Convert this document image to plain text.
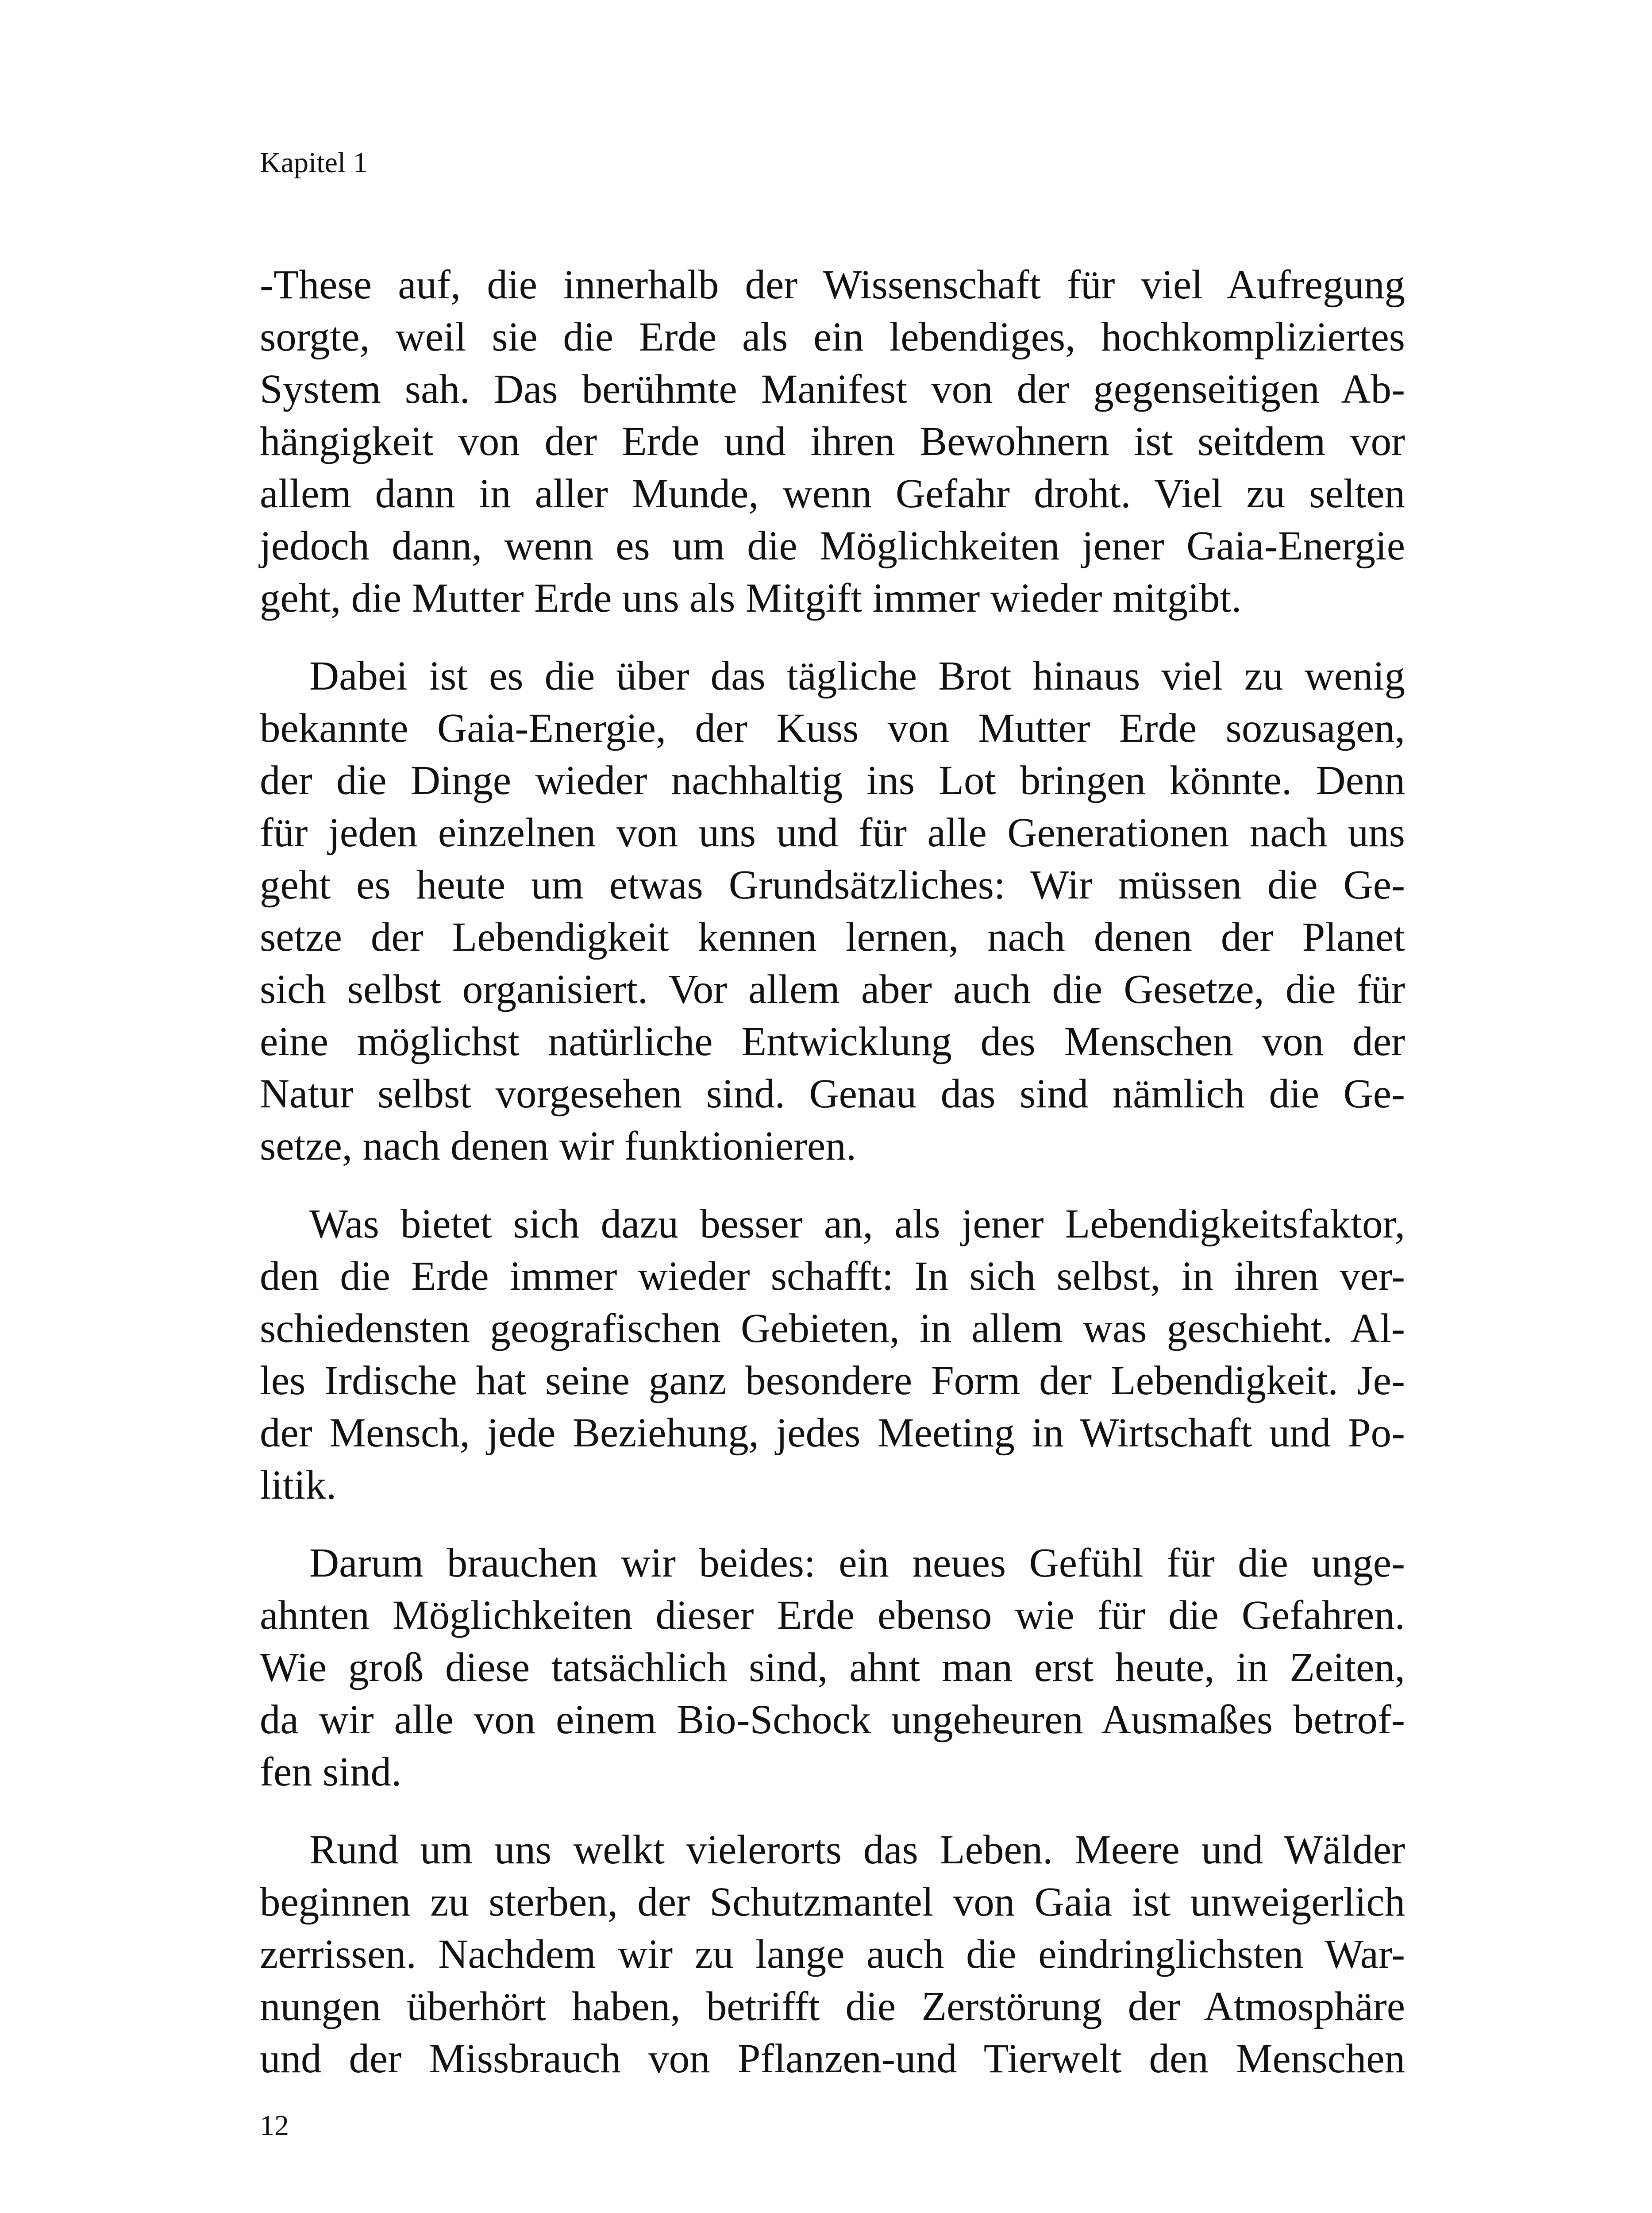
Kapitel 1

-These auf, die innerhalb der Wissenschaft für viel Aufregung
sorgte, weil sie die Erde als ein lebendiges, hochkompliziertes
System sah. Das berühmte Manifest von der gegenseitigen Ab-
hängigkeit von der Erde und ihren Bewohnern ist seitdem vor
allem dann in aller Munde, wenn Gefahr droht. Viel zu selten
jedoch dann, wenn es um die Möglichkeiten jener Gaia-Energie
geht, die Mutter Erde uns als Mitgift immer wieder mitgibt.

Dabei ist es die über das tägliche Brot hinaus viel zu wenig
bekannte Gaia-Energie, der Kuss von Mutter Erde sozusagen,
der die Dinge wieder nachhaltig ins Lot bringen könnte. Denn
für jeden einzelnen von uns und für alle Generationen nach uns
geht es heute um etwas Grundsätzliches: Wir müssen die Ge-
setze der Lebendigkeit kennen lernen, nach denen der Planet
sich selbst organisiert. Vor allem aber auch die Gesetze, die für
eine möglichst natürliche Entwicklung des Menschen von der
Natur selbst vorgesehen sind. Genau das sind nämlich die Ge-
setze, nach denen wir funktionieren.

Was bietet sich dazu besser an, als jener Lebendigkeitsfaktor,
den die Erde immer wieder schafft: In sich selbst, in ihren ver-
schiedensten geografischen Gebieten, in allem was geschieht. Al-
les Irdische hat seine ganz besondere Form der Lebendigkeit. Je-
der Mensch, jede Beziehung, jedes Meeting in Wirtschaft und Po-
litik.

Darum brauchen wir beides: ein neues Gefühl für die unge-
ahnten Möglichkeiten dieser Erde ebenso wie für die Gefahren.
Wie groß diese tatsächlich sind, ahnt man erst heute, in Zeiten,
da wir alle von einem Bio-Schock ungeheuren Ausmaßes betrof-
fen sind.

Rund um uns welkt vielerorts das Leben. Meere und Wälder
beginnen zu sterben, der Schutzmantel von Gaia ist unweigerlich
zerrissen. Nachdem wir zu lange auch die eindringlichsten War-
nungen überhört haben, betrifft die Zerstörung der Atmosphäre
und der Missbrauch von Pflanzen-und Tierwelt den Menschen

12
